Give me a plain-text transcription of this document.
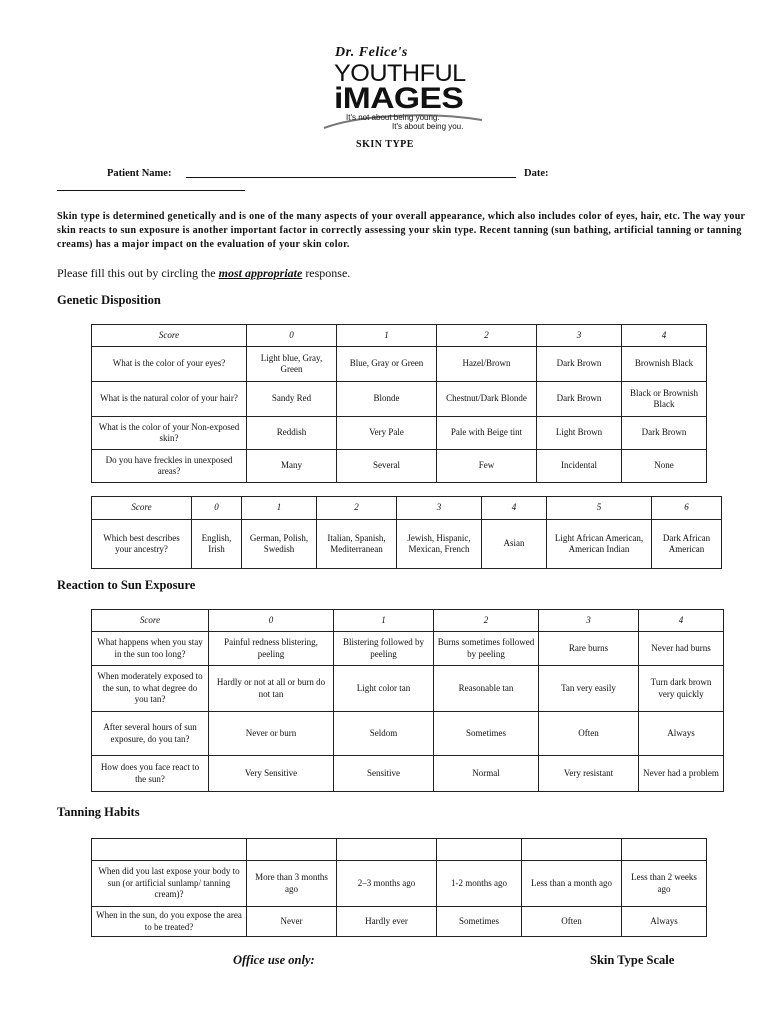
Dr. Felice's
YOUTHFUL
iMAGES
It's not about being young.
It's about being you.
SKIN TYPE
Patient Name:	Date:
Skin type is determined genetically and is one of the many aspects of your overall appearance, which also includes color of eyes, hair, etc. The way your skin reacts to sun exposure is another important factor in correctly assessing your skin type. Recent tanning (sun bathing, artificial tanning or tanning creams) has a major impact on the evaluation of your skin color.
Please fill this out by circling the most appropriate response.
Genetic Disposition
Reaction to Sun Exposure
Tanning Habits
Score	0	1	2	3	4
What is the color of your eyes?	Light blue, Gray, Green	Blue, Gray or Green	Hazel/Brown	Dark Brown	Brownish Black
What is the natural color of your hair?	Sandy Red	Blonde	Chestnut/Dark Blonde	Dark Brown	Black or Brownish Black
What is the color of your Non-exposed skin?	Reddish	Very Pale	Pale with Beige tint	Light Brown	Dark Brown
Do you have freckles in unexposed areas?	Many	Several	Few	Incidental	None
Score	0	1	2	3	4	5	6
Which best describes your ancestry?	English, Irish	German, Polish, Swedish	Italian, Spanish, Mediterranean	Jewish, Hispanic, Mexican, French	Asian	Light African American, American Indian	Dark African American
Score	0	1	2	3	4
What happens when you stay in the sun too long?	Painful redness blistering, peeling	Blistering followed by peeling	Burns sometimes followed by peeling	Rare burns	Never had burns
When moderately exposed to the sun, to what degree do you tan?	Hardly or not at all or burn do not tan	Light color tan	Reasonable tan	Tan very easily	Turn dark brown very quickly
After several hours of sun exposure, do you tan?	Never or burn	Seldom	Sometimes	Often	Always
How does you face react to the sun?	Very Sensitive	Sensitive	Normal	Very resistant	Never had a problem

When did you last expose your body to sun (or artificial sunlamp/ tanning cream)?	More than 3 months ago	2–3 months ago	1-2 months ago	Less than a month ago	Less than 2 weeks ago
When in the sun, do you expose the area to be treated?	Never	Hardly ever	Sometimes	Often	Always
Office use only:	Skin Type Scale
